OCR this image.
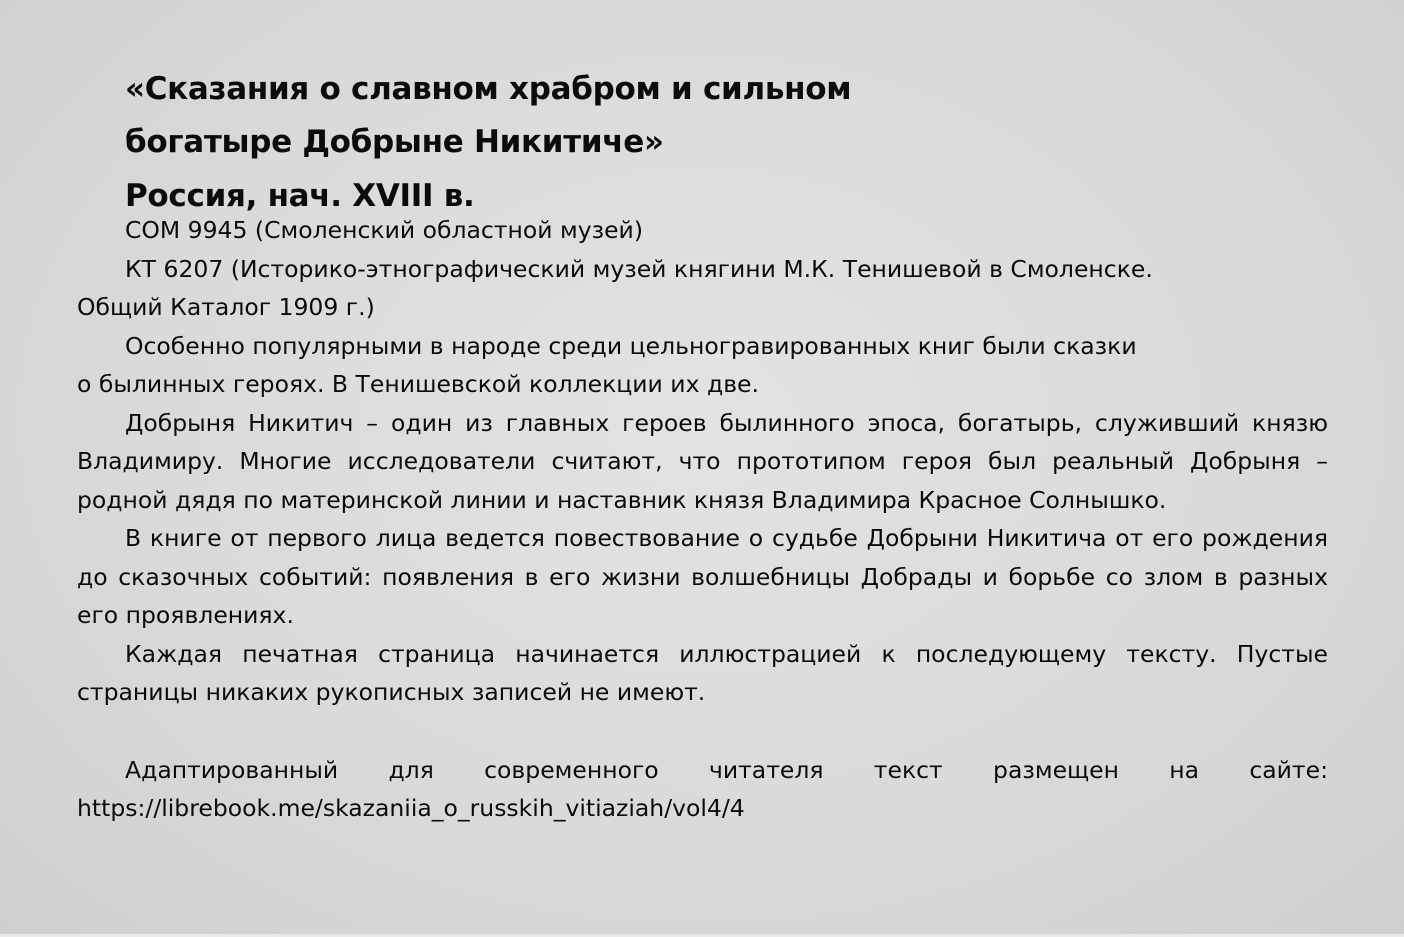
«Сказания о славном храбром и сильном
богатыре Добрыне Никитиче»
Россия, нач. XVIII в.
СОМ 9945 (Смоленский областной музей)
КТ 6207 (Историко-этнографический музей княгини М.К. Тенишевой в Смоленске.
Общий Каталог 1909 г.)
Особенно популярными в народе среди цельногравированных книг были сказки
о былинных героях. В Тенишевской коллекции их две.

Добрыня Никитич – один из главных героев былинного эпоса, богатырь, служивший князю Владимиру. Многие исследователи считают, что прототипом героя был реальный Добрыня – родной дядя по материнской линии и наставник князя Владимира Красное Солнышко.

В книге от первого лица ведется повествование о судьбе Добрыни Никитича от его рождения до сказочных событий: появления в его жизни волшебницы Добрады и борьбе со злом в разных его проявлениях.

Каждая печатная страница начинается иллюстрацией к последующему тексту. Пустые страницы никаких рукописных записей не имеют.

Адаптированный для современного читателя текст размещен на сайте:
https://librebook.me/skazaniia_o_russkih_vitiaziah/vol4/4
